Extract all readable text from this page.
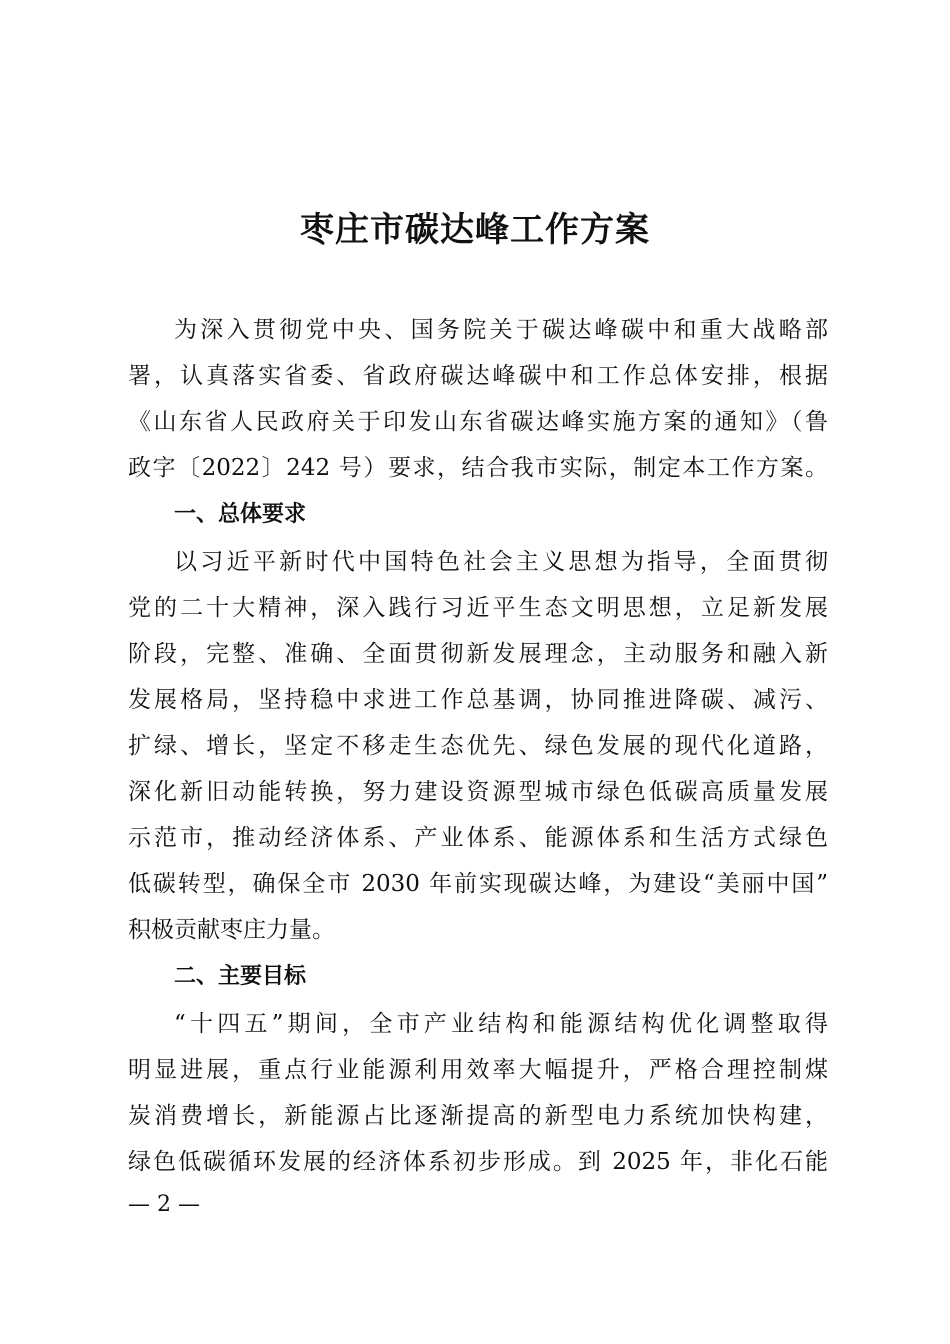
枣庄市碳达峰工作方案
为深入贯彻党中央、国务院关于碳达峰碳中和重大战略部
署，认真落实省委、省政府碳达峰碳中和工作总体安排，根据
《山东省人民政府关于印发山东省碳达峰实施方案的通知》（鲁
政字〔2022〕242 号）要求，结合我市实际，制定本工作方案。
一、总体要求
以习近平新时代中国特色社会主义思想为指导，全面贯彻
党的二十大精神，深入践行习近平生态文明思想，立足新发展
阶段，完整、准确、全面贯彻新发展理念，主动服务和融入新
发展格局，坚持稳中求进工作总基调，协同推进降碳、减污、
扩绿、增长，坚定不移走生态优先、绿色发展的现代化道路，
深化新旧动能转换，努力建设资源型城市绿色低碳高质量发展
示范市，推动经济体系、产业体系、能源体系和生活方式绿色
低碳转型，确保全市 2030 年前实现碳达峰，为建设“美丽中国”
积极贡献枣庄力量。
二、主要目标
“十四五”期间，全市产业结构和能源结构优化调整取得
明显进展，重点行业能源利用效率大幅提升，严格合理控制煤
炭消费增长，新能源占比逐渐提高的新型电力系统加快构建，
绿色低碳循环发展的经济体系初步形成。到 2025 年，非化石能
— 2 —
